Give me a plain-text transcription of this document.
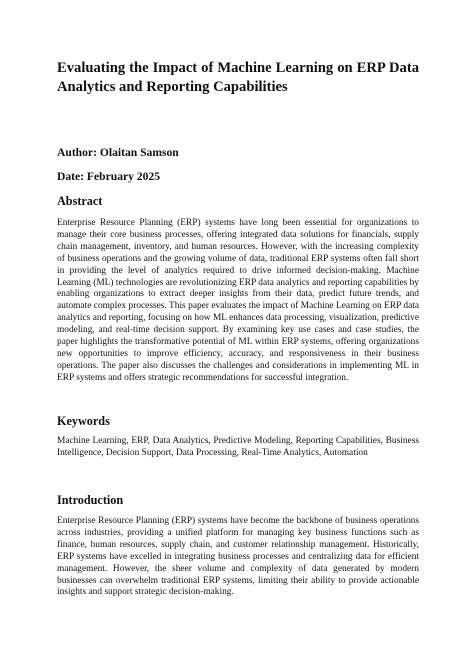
Evaluating the Impact of Machine Learning on ERP Data Analytics and Reporting Capabilities

Author: Olaitan Samson

Date: February 2025

Abstract

Enterprise Resource Planning (ERP) systems have long been essential for organizations to manage their core business processes, offering integrated data solutions for financials, supply chain management, inventory, and human resources. However, with the increasing complexity of business operations and the growing volume of data, traditional ERP systems often fall short in providing the level of analytics required to drive informed decision-making. Machine Learning (ML) technologies are revolutionizing ERP data analytics and reporting capabilities by enabling organizations to extract deeper insights from their data, predict future trends, and automate complex processes. This paper evaluates the impact of Machine Learning on ERP data analytics and reporting, focusing on how ML enhances data processing, visualization, predictive modeling, and real-time decision support. By examining key use cases and case studies, the paper highlights the transformative potential of ML within ERP systems, offering organizations new opportunities to improve efficiency, accuracy, and responsiveness in their business operations. The paper also discusses the challenges and considerations in implementing ML in ERP systems and offers strategic recommendations for successful integration.

Keywords

Machine Learning, ERP, Data Analytics, Predictive Modeling, Reporting Capabilities, Business Intelligence, Decision Support, Data Processing, Real-Time Analytics, Automation

Introduction

Enterprise Resource Planning (ERP) systems have become the backbone of business operations across industries, providing a unified platform for managing key business functions such as finance, human resources, supply chain, and customer relationship management. Historically, ERP systems have excelled in integrating business processes and centralizing data for efficient management. However, the sheer volume and complexity of data generated by modern businesses can overwhelm traditional ERP systems, limiting their ability to provide actionable insights and support strategic decision-making.
